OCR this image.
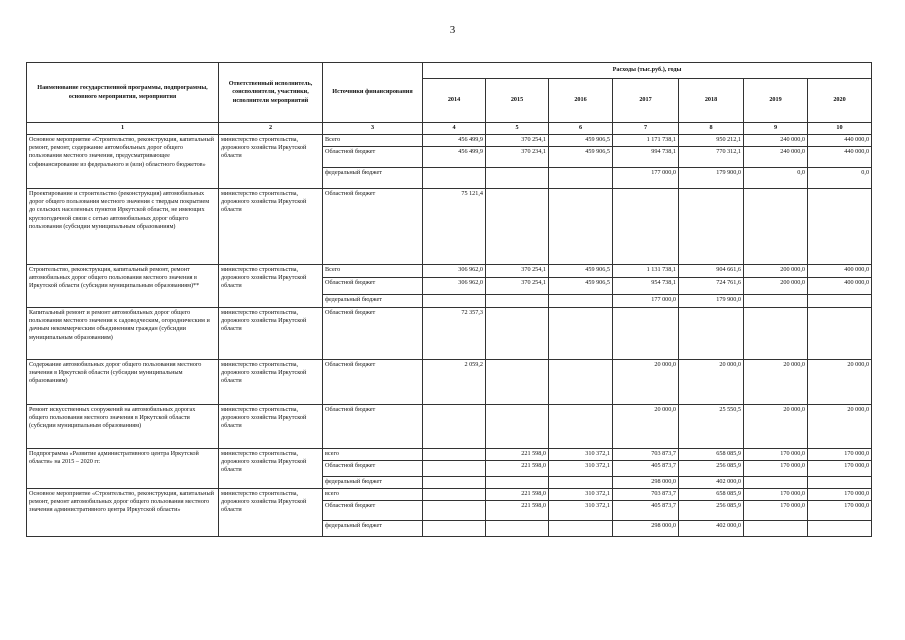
3
Наименование государственной программы, подпрограммы, основного мероприятия, мероприятия	Ответственный исполнитель, соисполнители, участники, исполнители мероприятий	Источники финансирования	Расходы (тыс.руб.), годы						
			2014	2015	2016	2017	2018	2019	2020
1	2	3	4	5	6	7	8	9	10
Основное мероприятие «Строительство, реконструкция, капитальный ремонт, ремонт, содержание автомобильных дорог общего пользования местного значения, предусматривающее софинансирование из федерального и (или) областного бюджетов»	министерство строительства, дорожного хозяйства Иркутской области	Всего	456 499,9	370 254,1	459 906,5	1 171 738,1	950 212,1	240 000,0	440 000,0
		Областной бюджет	456 499,9	370 234,1	459 906,5	994 738,1	770 312,1	240 000,0	440 000,0
		федеральный бюджет				177 000,0	179 900,0	0,0	0,0
Проектирование и строительство (реконструкция) автомобильных дорог общего пользования местного значения с твердым покрытием до сельских населенных пунктов Иркутской области, не имеющих круглогодичной связи с сетью автомобильных дорог общего пользования (субсидии муниципальным образованиям)	министерство строительства, дорожного хозяйства Иркутской области	Областной бюджет	75 121,4						
Строительство, реконструкция, капитальный ремонт, ремонт автомобильных дорог общего пользования местного значения в Иркутской области (субсидии муниципальным образованиям)**	министерство строительства, дорожного хозяйства Иркутской области	Всего	306 962,0	370 254,1	459 906,5	1 131 738,1	904 661,6	200 000,0	400 000,0
		Областной бюджет	306 962,0	370 254,1	459 906,5	954 738,1	724 761,6	200 000,0	400 000,0
		федеральный бюджет				177 000,0	179 900,0		
Капитальный ремонт и ремонт автомобильных дорог общего пользования местного значения к садоводческим, огородническим и дачным некоммерческим объединениям граждан (субсидии муниципальным образованиям)	министерство строительства, дорожного хозяйства Иркутской области	Областной бюджет	72 357,3						
Содержание автомобильных дорог общего пользования местного значения в Иркутской области (субсидии муниципальным образованиям)	министерство строительства, дорожного хозяйства Иркутской области	Областной бюджет	2 059,2			20 000,0	20 000,0	20 000,0	20 000,0
Ремонт искусственных сооружений на автомобильных дорогах общего пользования местного значения в Иркутской области (субсидии муниципальным образованиям)	министерство строительства, дорожного хозяйства Иркутской области	Областной бюджет				20 000,0	25 550,5	20 000,0	20 000,0
Подпрограмма «Развитие административного центра Иркутской области» на 2015 – 2020 гг.	министерство строительства, дорожного хозяйства Иркутской области	всего		221 598,0	310 372,1	703 873,7	658 085,9	170 000,0	170 000,0
		Областной бюджет		221 598,0	310 372,1	405 873,7	256 085,9	170 000,0	170 000,0
		федеральный бюджет				298 000,0	402 000,0		
Основное мероприятие «Строительство, реконструкция, капитальный ремонт, ремонт автомобильных дорог общего пользования местного значения административного центра Иркутской области»	министерство строительства, дорожного хозяйства Иркутской области	всего		221 598,0	310 372,1	703 873,7	658 085,9	170 000,0	170 000,0
		Областной бюджет		221 598,0	310 372,1	405 873,7	256 085,9	170 000,0	170 000,0
		федеральный бюджет				298 000,0	402 000,0		
